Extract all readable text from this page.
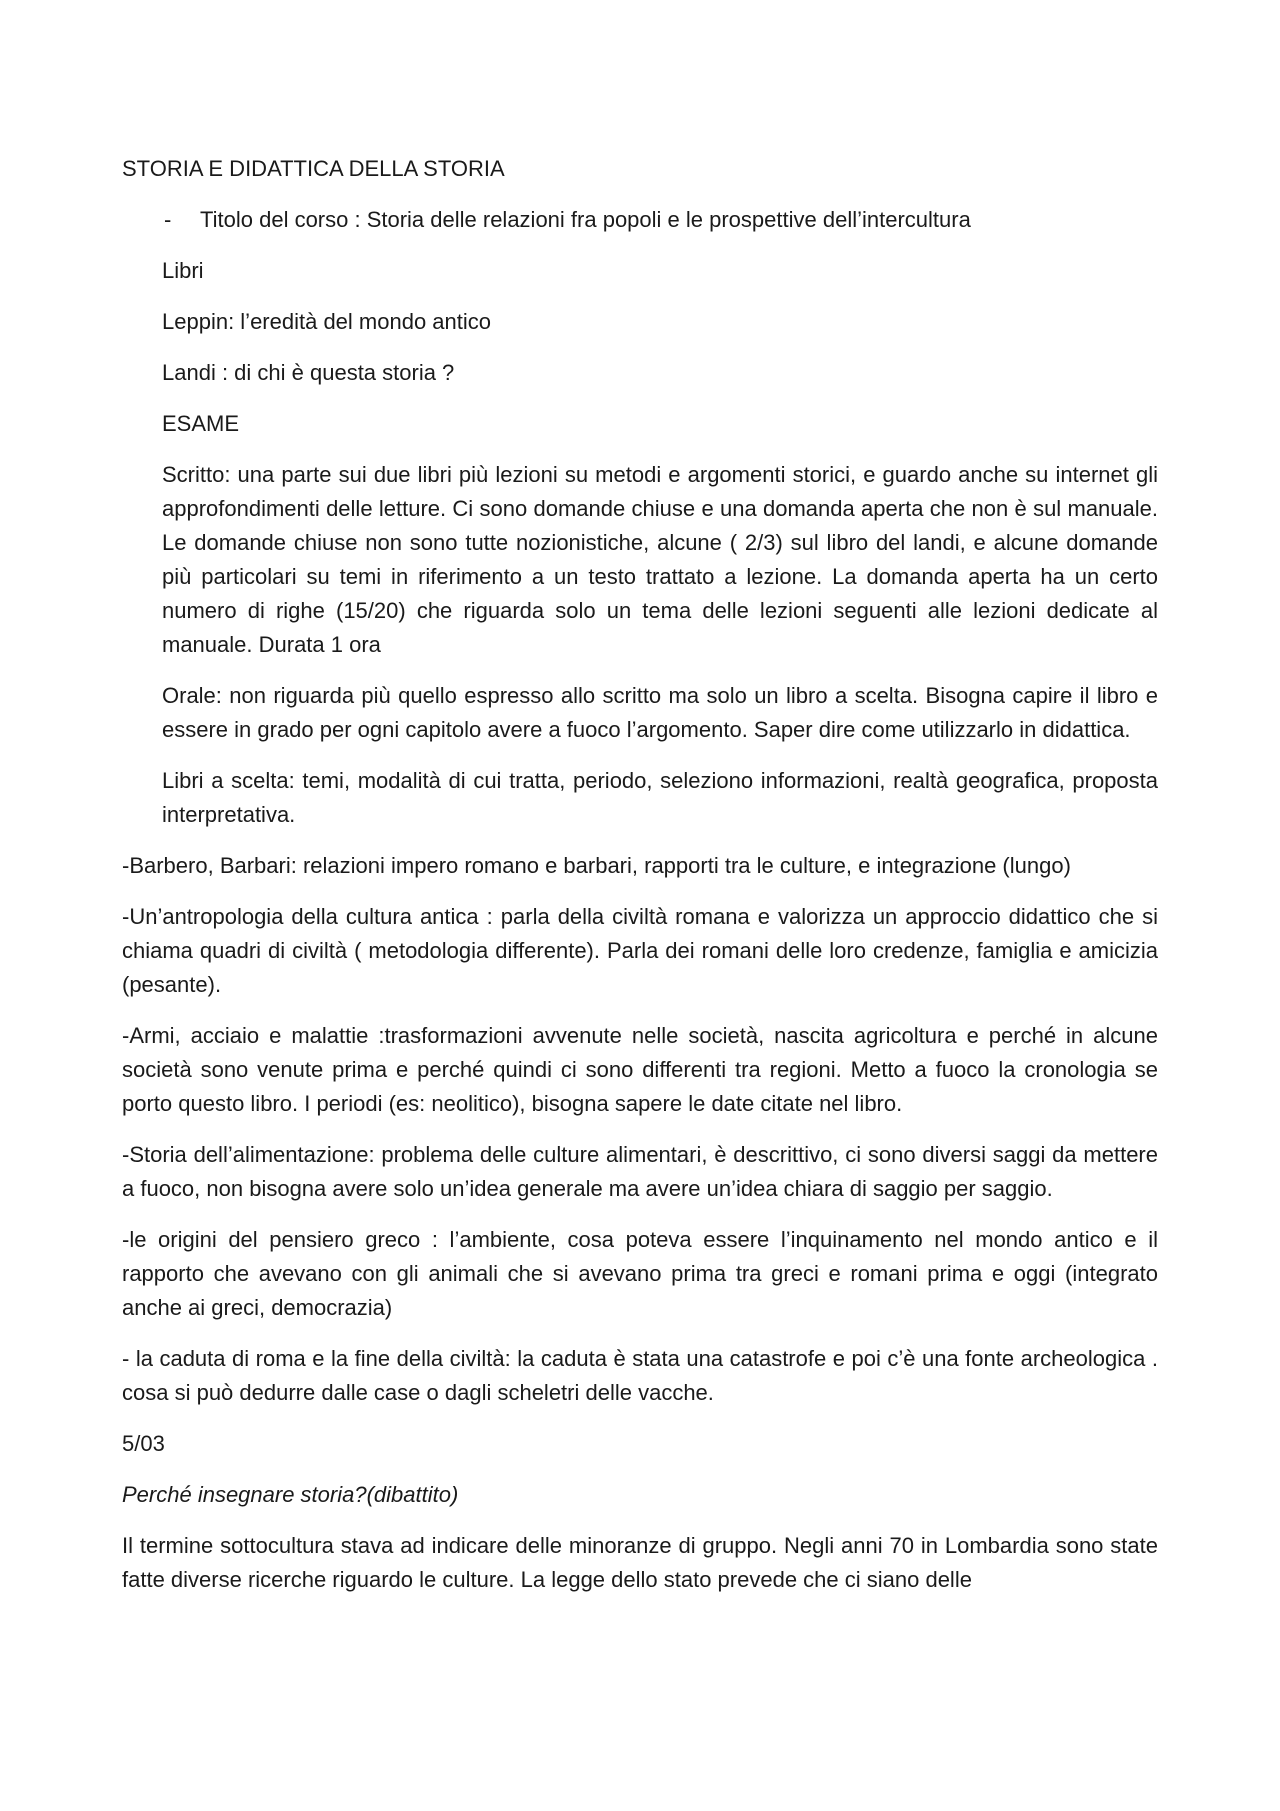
STORIA E DIDATTICA DELLA STORIA

-	Titolo del corso : Storia delle relazioni fra popoli e le prospettive dell’intercultura

Libri

Leppin: l’eredità del mondo antico

Landi : di chi è questa storia ?

ESAME

Scritto: una parte sui due libri più lezioni su metodi e argomenti storici, e guardo anche su internet gli approfondimenti delle letture. Ci sono domande chiuse e una domanda aperta che non è sul manuale. Le domande chiuse non sono tutte nozionistiche, alcune ( 2/3) sul libro del landi, e alcune domande più particolari su temi in riferimento a un testo trattato a lezione. La domanda aperta ha un certo numero di righe (15/20) che riguarda solo un tema delle lezioni seguenti alle lezioni dedicate al manuale. Durata 1 ora

Orale: non riguarda più quello espresso allo scritto ma solo un libro a scelta. Bisogna capire il libro e essere in grado per ogni capitolo avere a fuoco l’argomento. Saper dire come utilizzarlo in didattica.

Libri a scelta: temi, modalità di cui tratta, periodo, seleziono informazioni, realtà geografica, proposta interpretativa.

-Barbero, Barbari: relazioni impero romano e barbari, rapporti tra le culture, e integrazione (lungo)

-Un’antropologia della cultura antica : parla della civiltà romana e valorizza un approccio didattico che si chiama quadri di civiltà ( metodologia differente). Parla dei romani delle loro credenze, famiglia e amicizia (pesante).

-Armi, acciaio e malattie :trasformazioni avvenute nelle società, nascita agricoltura e perché in alcune società sono venute prima e perché quindi ci sono differenti tra regioni. Metto a fuoco la cronologia se porto questo libro. I periodi (es: neolitico), bisogna sapere le date citate nel libro.

-Storia dell’alimentazione: problema delle culture alimentari, è descrittivo, ci sono diversi saggi da mettere a fuoco, non bisogna avere solo un’idea generale ma avere un’idea chiara di saggio per saggio.

-le origini del pensiero greco : l’ambiente, cosa poteva essere l’inquinamento nel mondo antico e il rapporto che avevano con gli animali che si avevano prima tra greci e romani prima e oggi (integrato anche ai greci, democrazia)

- la caduta di roma e la fine della civiltà: la caduta è stata una catastrofe e poi c’è una fonte archeologica . cosa si può dedurre dalle case o dagli scheletri delle vacche.

5/03

Perché insegnare storia?(dibattito)

Il termine sottocultura stava ad indicare delle minoranze di gruppo. Negli anni 70 in Lombardia sono state fatte diverse ricerche riguardo le culture. La legge dello stato prevede che ci siano delle
